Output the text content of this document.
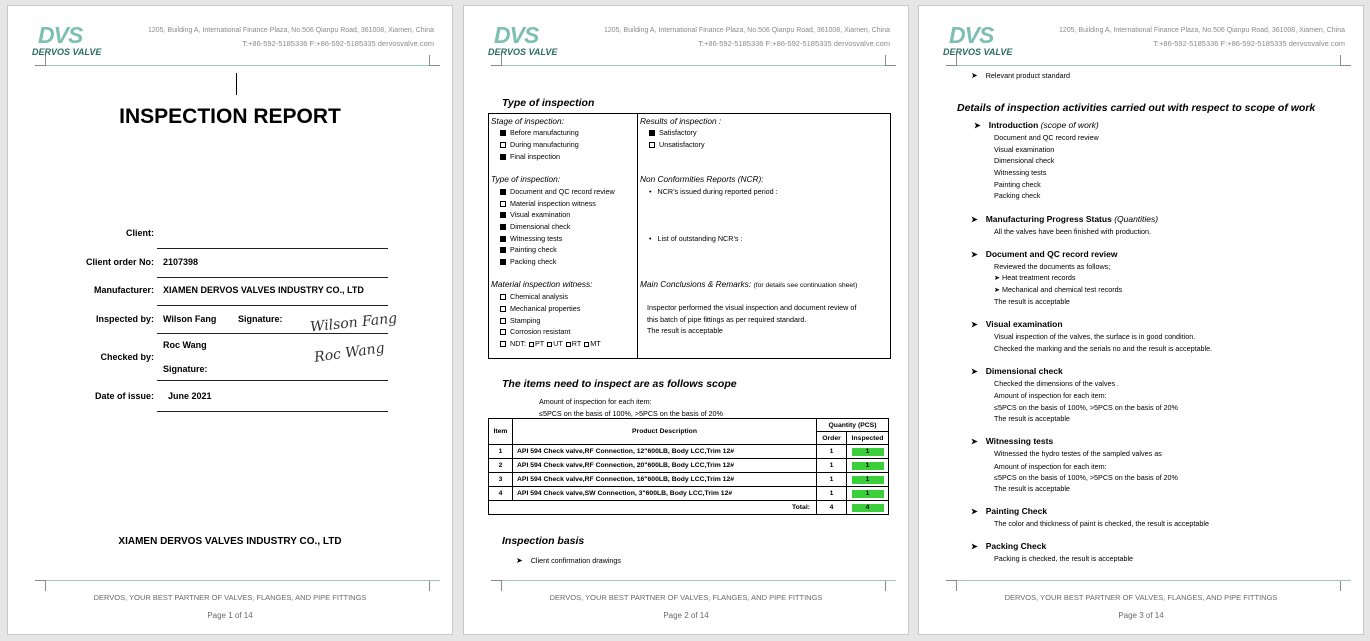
DVS
DERVOS VALVE
1205, Building A, International Finance Plaza, No.506 Qianpu Road, 361008, Xiamen, China
T:+86-592-5185336 F:+86-592-5185335 dervosvalve.com
INSPECTION REPORT
Client:
Client order No: 2107398
Manufacturer: XIAMEN DERVOS VALVES INDUSTRY CO., LTD
Inspected by: Wilson Fang Signature: Wilson Fang
Roc Wang
Checked by:	Roc Wang
Signature:
Date of issue: June 2021
XIAMEN DERVOS VALVES INDUSTRY CO., LTD
DERVOS, YOUR BEST PARTNER OF VALVES, FLANGES, AND PIPE FITTINGS
Page 1 of 14
DVS
DERVOS VALVE
1205, Building A, International Finance Plaza, No.506 Qianpu Road, 361008, Xiamen, China
T:+86-592-5185336 F:+86-592-5185335 dervosvalve.com
Type of inspection
Stage of inspection:
Before manufacturing
During manufacturing
Final inspection
Type of inspection:
Document and QC record review
Material inspection witness
Visual examination
Dimensional check
Witnessing tests
Painting check
Packing check
Material inspection witness:
Chemical analysis
Mechanical properties
Stamping
Corrosion resistant
NDT: PT UT RT MT
Results of inspection :
Satisfactory
Unsatisfactory
Non Conformities Reports (NCR):
• NCR’s issued during reported period :
• List of outstanding NCR’s :
Main Conclusions & Remarks: (for details see continuation sheet)
Inspector performed the visual inspection and document review of
this batch of pipe fittings as per required standard.
The result is acceptable
The items need to inspect are as follows scope
Amount of inspection for each item:
≤5PCS on the basis of 100%, >5PCS on the basis of 20%
Item	Product Description	Quantity (PCS)	
		Order	Inspected
1	API 594 Check valve,RF Connection, 12"600LB, Body LCC,Trim 12#	1	1
2	API 594 Check valve,RF Connection, 20"600LB, Body LCC,Trim 12#	1	1
3	API 594 Check valve,RF Connection, 16"600LB, Body LCC,Trim 12#	1	1
4	API 594 Check valve,SW Connection, 3"600LB, Body LCC,Trim 12#	1	1
Total:		4	4
Inspection basis
➤ Client confirmation drawings
DERVOS, YOUR BEST PARTNER OF VALVES, FLANGES, AND PIPE FITTINGS
Page 2 of 14
DVS
DERVOS VALVE
1205, Building A, International Finance Plaza, No.506 Qianpu Road, 361008, Xiamen, China
T:+86-592-5185336 F:+86-592-5185335 dervosvalve.com
➤ Relevant product standard
Details of inspection activities carried out with respect to scope of work
➤ Introduction (scope of work)
Document and QC record review
Visual examination
Dimensional check
Witnessing tests
Painting check
Packing check
➤ Manufacturing Progress Status (Quantities)
All the valves have been finished with production.
➤ Document and QC record review
Reviewed the documents as follows;
➤ Heat treatment records
➤ Mechanical and chemical test records
The result is acceptable
➤ Visual examination
Visual inspection of the valves, the surface is in good condition.
Checked the marking and the serials no and the result is acceptable.
➤ Dimensional check
Checked the dimensions of the valves .
Amount of inspection for each item:
≤5PCS on the basis of 100%, >5PCS on the basis of 20%
The result is acceptable
➤ Witnessing tests
Witnessed the hydro testes of the sampled valves as
Amount of inspection for each item:
≤5PCS on the basis of 100%, >5PCS on the basis of 20%
The result is acceptable
➤ Painting Check
The color and thickness of paint is checked, the result is acceptable
➤ Packing Check
Packing is checked, the result is acceptable
DERVOS, YOUR BEST PARTNER OF VALVES, FLANGES, AND PIPE FITTINGS
Page 3 of 14
